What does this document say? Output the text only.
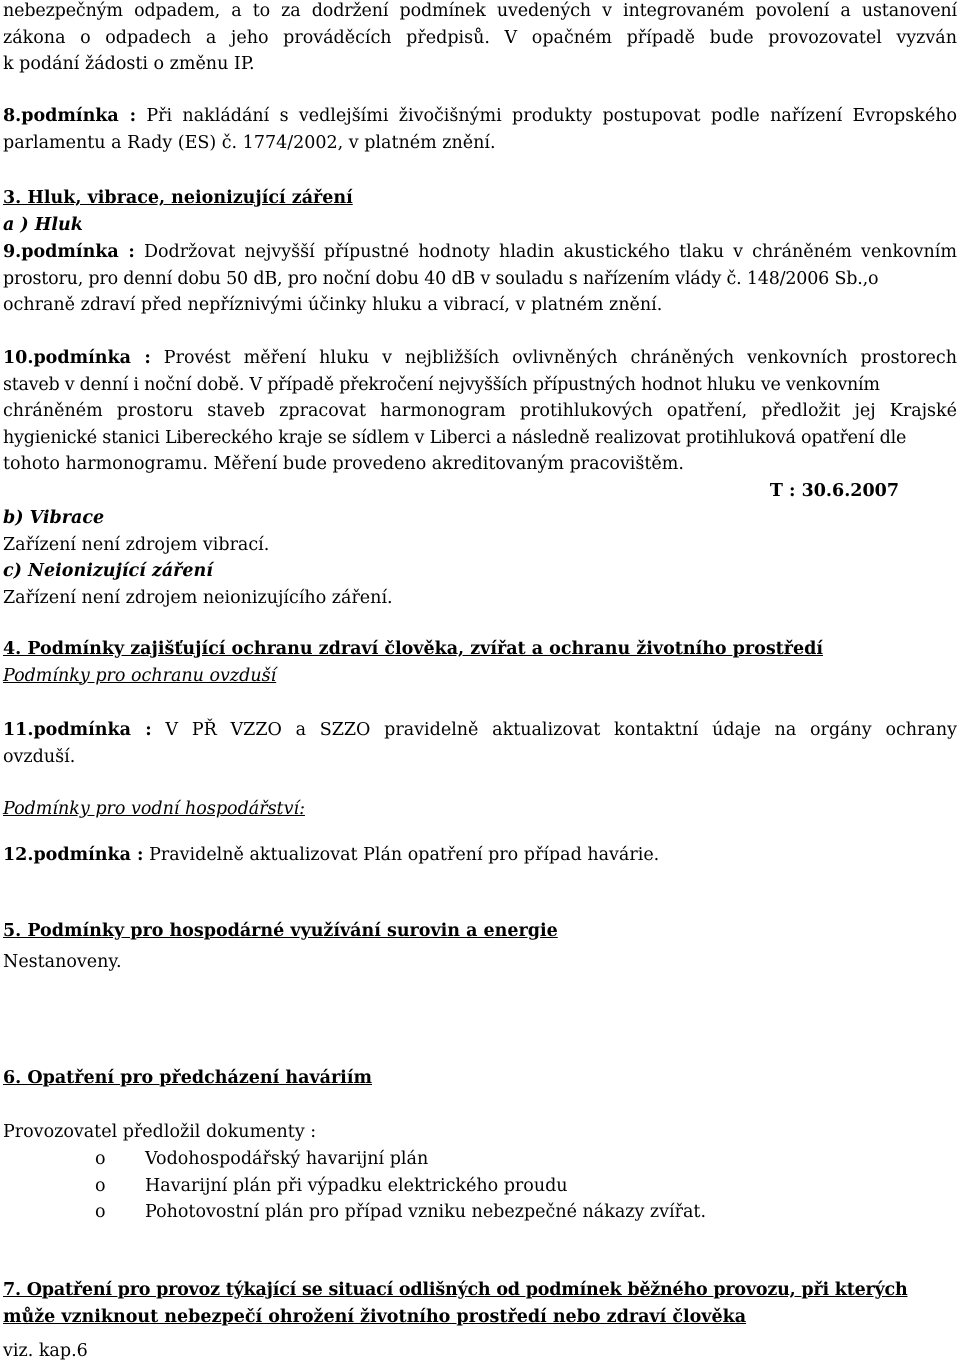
nebezpečným odpadem, a to za dodržení podmínek uvedených v integrovaném povolení a ustanovení
zákona o odpadech a jeho prováděcích předpisů. V opačném případě bude provozovatel vyzván
k podání žádosti o změnu IP.
8.podmínka : Při nakládání s vedlejšími živočišnými produkty postupovat podle nařízení Evropského
parlamentu a Rady (ES) č. 1774/2002, v platném znění.
3. Hluk, vibrace, neionizující záření
a ) Hluk
9.podmínka : Dodržovat nejvyšší přípustné hodnoty hladin akustického tlaku v chráněném venkovním
prostoru, pro denní dobu 50 dB, pro noční dobu 40 dB v souladu s nařízením vlády č. 148/2006 Sb.,o
ochraně zdraví před nepříznivými účinky hluku a vibrací, v platném znění.
10.podmínka : Provést měření hluku v nejbližších ovlivněných chráněných venkovních prostorech
staveb v denní i noční době. V případě překročení nejvyšších přípustných hodnot hluku ve venkovním
chráněném prostoru staveb zpracovat harmonogram protihlukových opatření, předložit jej Krajské
hygienické stanici Libereckého kraje se sídlem v Liberci a následně realizovat protihluková opatření dle
tohoto harmonogramu. Měření bude provedeno akreditovaným pracovištěm.
T : 30.6.2007
b) Vibrace
Zařízení není zdrojem vibrací.
c) Neionizující záření
Zařízení není zdrojem neionizujícího záření.
4. Podmínky zajišťující ochranu zdraví člověka, zvířat a ochranu životního prostředí
Podmínky pro ochranu ovzduší
11.podmínka : V PŘ VZZO a SZZO pravidelně aktualizovat kontaktní údaje na orgány ochrany
ovzduší.
Podmínky pro vodní hospodářství:
12.podmínka : Pravidelně aktualizovat Plán opatření pro případ havárie.
5. Podmínky pro hospodárné využívání surovin a energie
Nestanoveny.
6. Opatření pro předcházení haváriím
Provozovatel předložil dokumenty :
o Vodohospodářský havarijní plán
o Havarijní plán při výpadku elektrického proudu
o Pohotovostní plán pro případ vzniku nebezpečné nákazy zvířat.
7. Opatření pro provoz týkající se situací odlišných od podmínek běžného provozu, při kterých
může vzniknout nebezpečí ohrožení životního prostředí nebo zdraví člověka
viz. kap.6
